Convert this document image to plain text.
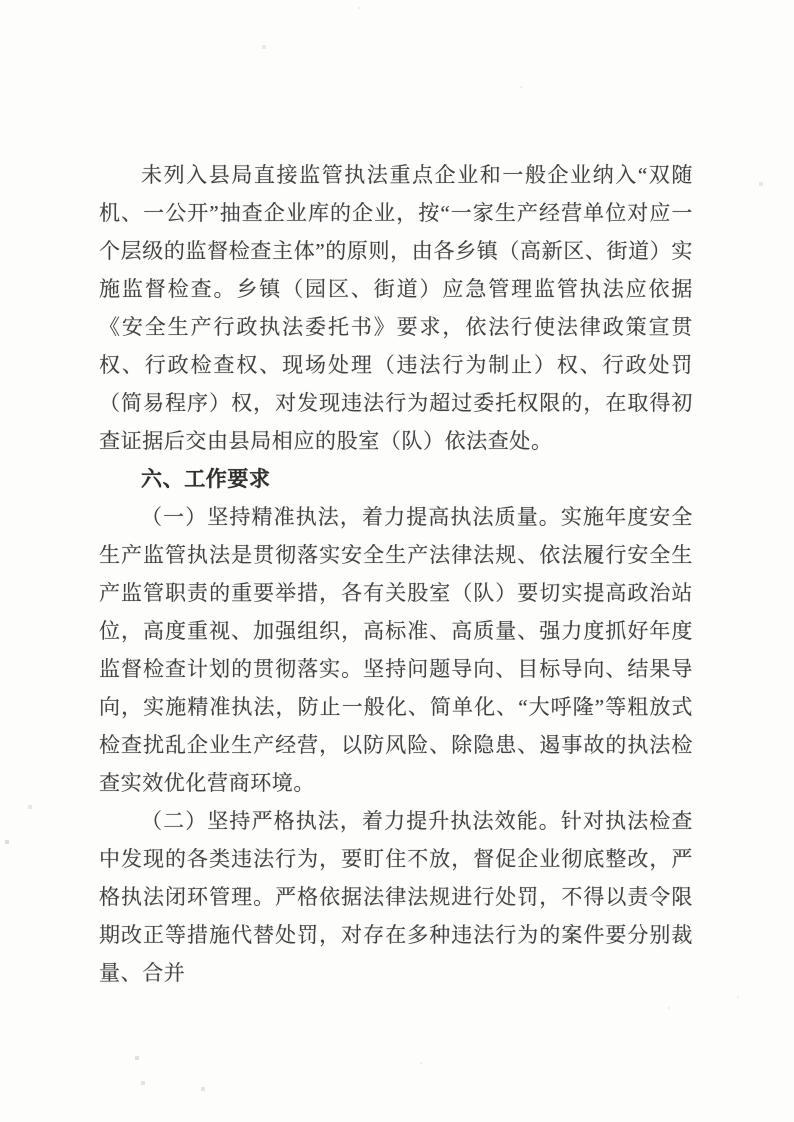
未列入县局直接监管执法重点企业和一般企业纳入“双随机、一公开”抽查企业库的企业，按“一家生产经营单位对应一个层级的监督检查主体”的原则，由各乡镇（高新区、街道）实施监督检查。乡镇（园区、街道）应急管理监管执法应依据《安全生产行政执法委托书》要求，依法行使法律政策宣贯权、行政检查权、现场处理（违法行为制止）权、行政处罚（简易程序）权，对发现违法行为超过委托权限的，在取得初查证据后交由县局相应的股室（队）依法查处。

六、工作要求

（一）坚持精准执法，着力提高执法质量。实施年度安全生产监管执法是贯彻落实安全生产法律法规、依法履行安全生产监管职责的重要举措，各有关股室（队）要切实提高政治站位，高度重视、加强组织，高标准、高质量、强力度抓好年度监督检查计划的贯彻落实。坚持问题导向、目标导向、结果导向，实施精准执法，防止一般化、简单化、“大呼隆”等粗放式检查扰乱企业生产经营，以防风险、除隐患、遏事故的执法检查实效优化营商环境。

（二）坚持严格执法，着力提升执法效能。针对执法检查中发现的各类违法行为，要盯住不放，督促企业彻底整改，严格执法闭环管理。严格依据法律法规进行处罚，不得以责令限期改正等措施代替处罚，对存在多种违法行为的案件要分别裁量、合并
